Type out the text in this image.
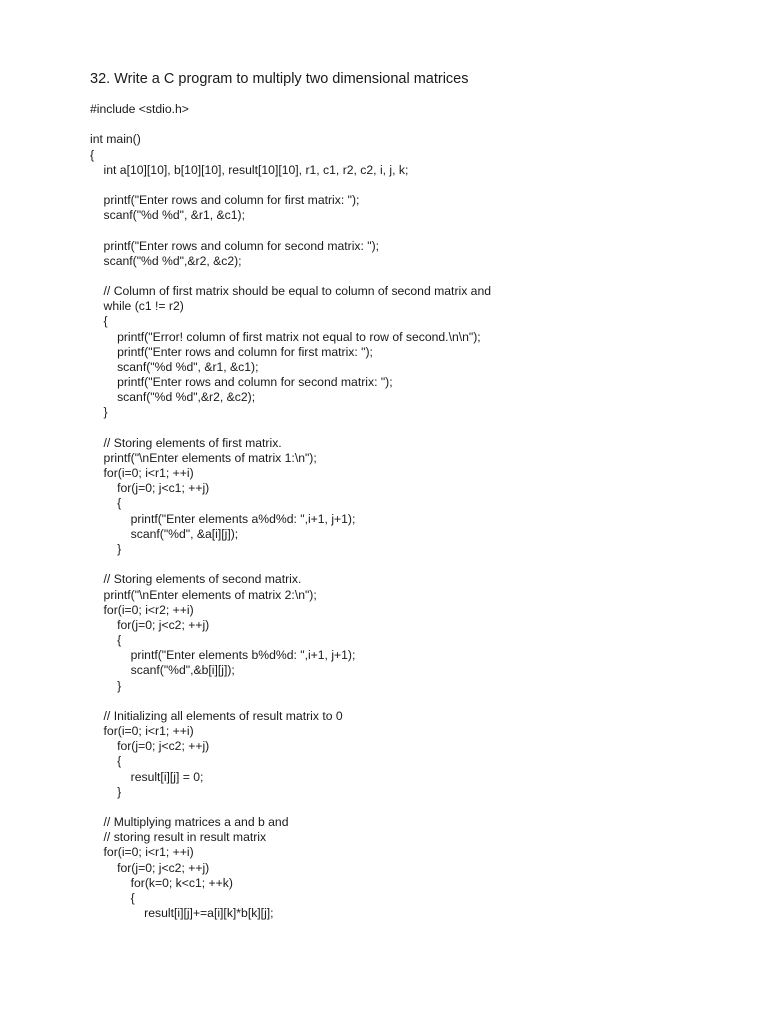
32. Write a C program to multiply two dimensional matrices
#include <stdio.h>
int main()
{
int a[10][10], b[10][10], result[10][10], r1, c1, r2, c2, i, j, k;
printf("Enter rows and column for first matrix: ");
scanf("%d %d", &r1, &c1);
printf("Enter rows and column for second matrix: ");
scanf("%d %d",&r2, &c2);
// Column of first matrix should be equal to column of second matrix and
while (c1 != r2)
{
printf("Error! column of first matrix not equal to row of second.\n\n");
printf("Enter rows and column for first matrix: ");
scanf("%d %d", &r1, &c1);
printf("Enter rows and column for second matrix: ");
scanf("%d %d",&r2, &c2);
}
// Storing elements of first matrix.
printf("\nEnter elements of matrix 1:\n");
for(i=0; i<r1; ++i)
for(j=0; j<c1; ++j)
{
printf("Enter elements a%d%d: ",i+1, j+1);
scanf("%d", &a[i][j]);
}
// Storing elements of second matrix.
printf("\nEnter elements of matrix 2:\n");
for(i=0; i<r2; ++i)
for(j=0; j<c2; ++j)
{
printf("Enter elements b%d%d: ",i+1, j+1);
scanf("%d",&b[i][j]);
}
// Initializing all elements of result matrix to 0
for(i=0; i<r1; ++i)
for(j=0; j<c2; ++j)
{
result[i][j] = 0;
}
// Multiplying matrices a and b and
// storing result in result matrix
for(i=0; i<r1; ++i)
for(j=0; j<c2; ++j)
for(k=0; k<c1; ++k)
{
result[i][j]+=a[i][k]*b[k][j];
